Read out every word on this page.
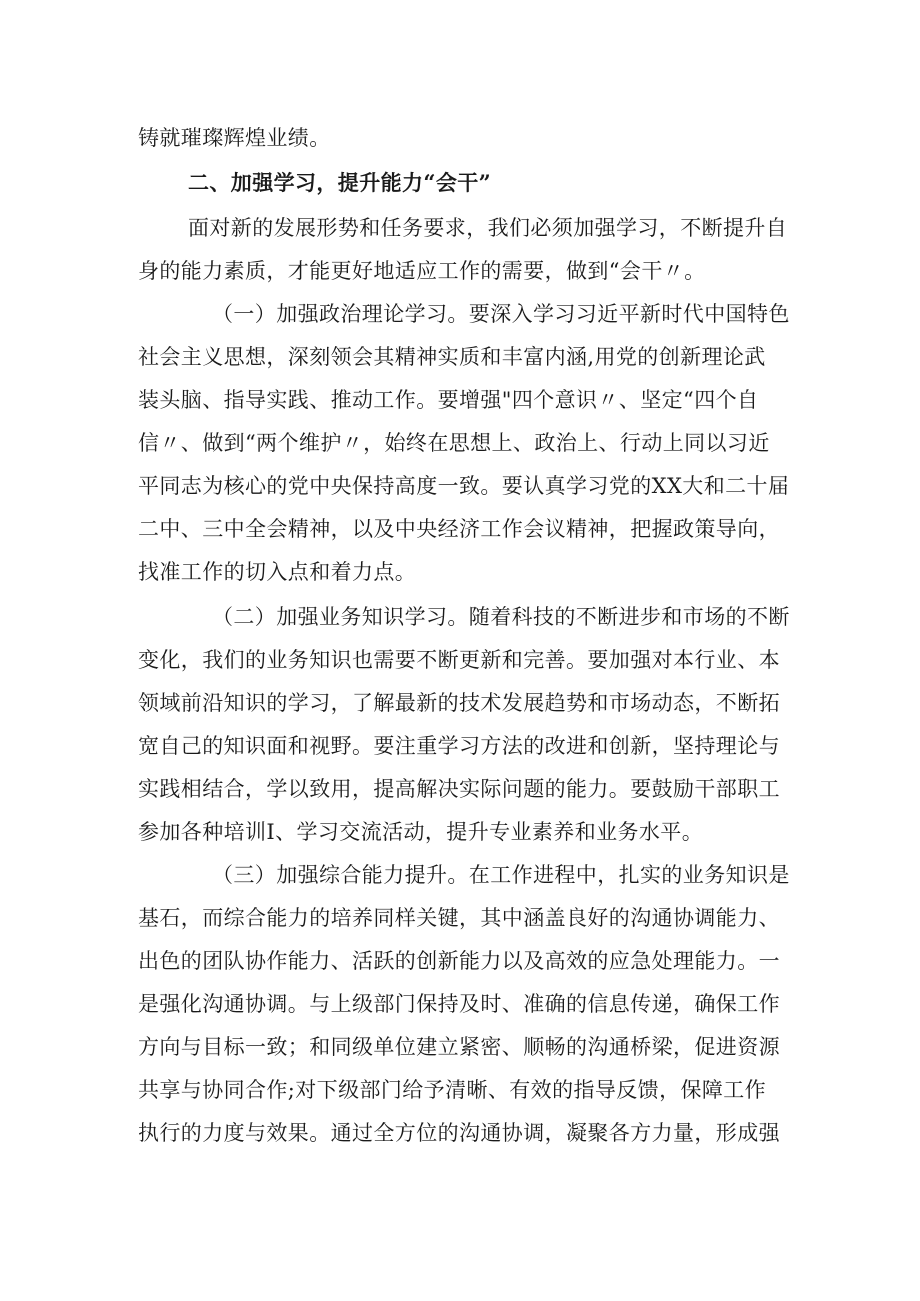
铸就璀璨辉煌业绩。
二、加强学习，提升能力“会干”
面对新的发展形势和任务要求，我们必须加强学习，不断提升自
身的能力素质，才能更好地适应工作的需要，做到“会干〃。
（一）加强政治理论学习。要深入学习习近平新时代中国特色
社会主义思想，深刻领会其精神实质和丰富内涵,用党的创新理论武
装头脑、指导实践、推动工作。要增强"四个意识〃、坚定“四个自
信〃、做到“两个维护〃，始终在思想上、政治上、行动上同以习近
平同志为核心的党中央保持高度一致。要认真学习党的XX大和二十届
二中、三中全会精神，以及中央经济工作会议精神，把握政策导向，
找准工作的切入点和着力点。
（二）加强业务知识学习。随着科技的不断进步和市场的不断
变化，我们的业务知识也需要不断更新和完善。要加强对本行业、本
领域前沿知识的学习，了解最新的技术发展趋势和市场动态，不断拓
宽自己的知识面和视野。要注重学习方法的改进和创新，坚持理论与
实践相结合，学以致用，提高解决实际问题的能力。要鼓励干部职工
参加各种培训I、学习交流活动，提升专业素养和业务水平。
（三）加强综合能力提升。在工作进程中，扎实的业务知识是
基石，而综合能力的培养同样关键，其中涵盖良好的沟通协调能力、
出色的团队协作能力、活跃的创新能力以及高效的应急处理能力。一
是强化沟通协调。与上级部门保持及时、准确的信息传递，确保工作
方向与目标一致；和同级单位建立紧密、顺畅的沟通桥梁，促进资源
共享与协同合作;对下级部门给予清晰、有效的指导反馈，保障工作
执行的力度与效果。通过全方位的沟通协调，凝聚各方力量，形成强
